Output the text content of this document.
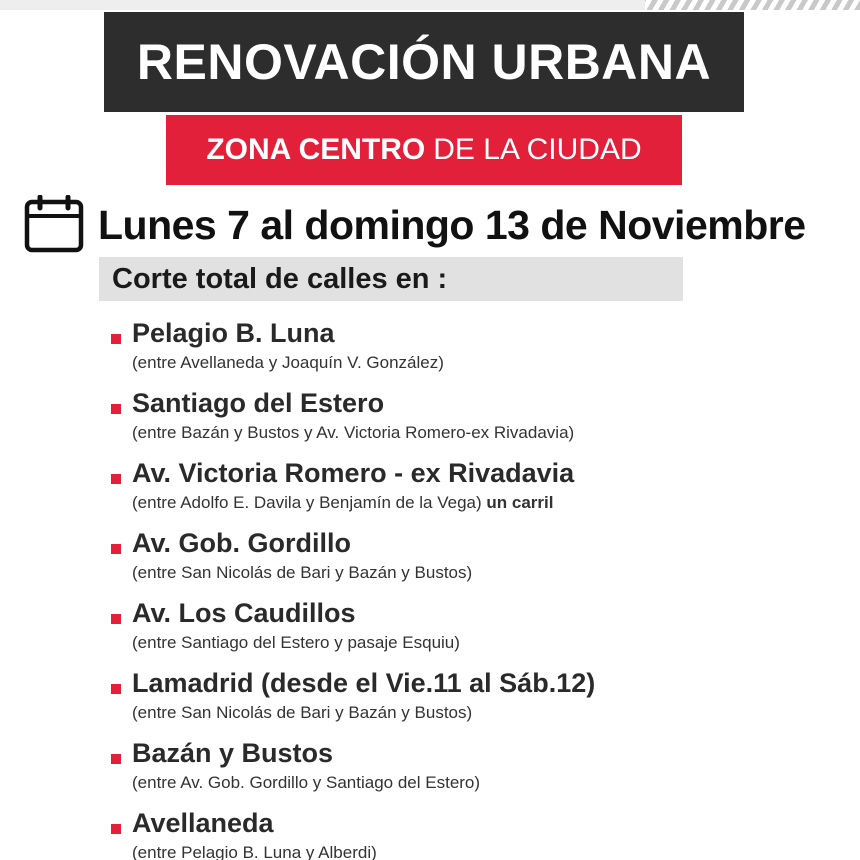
RENOVACIÓN URBANA
ZONA CENTRO DE LA CIUDAD
Lunes 7 al domingo 13 de Noviembre
Corte total de calles en :
Pelagio B. Luna
(entre Avellaneda y Joaquín V. González)
Santiago del Estero
(entre Bazán y Bustos y Av. Victoria Romero-ex Rivadavia)
Av. Victoria Romero - ex Rivadavia
(entre Adolfo E. Davila y Benjamín de la Vega) un carril
Av. Gob. Gordillo
(entre San Nicolás de Bari y Bazán y Bustos)
Av. Los Caudillos
(entre Santiago del Estero y pasaje Esquiu)
Lamadrid (desde el Vie.11 al Sáb.12)
(entre San Nicolás de Bari y Bazán y Bustos)
Bazán y Bustos
(entre Av. Gob. Gordillo y Santiago del Estero)
Avellaneda
(entre Pelagio B. Luna y Alberdi)
